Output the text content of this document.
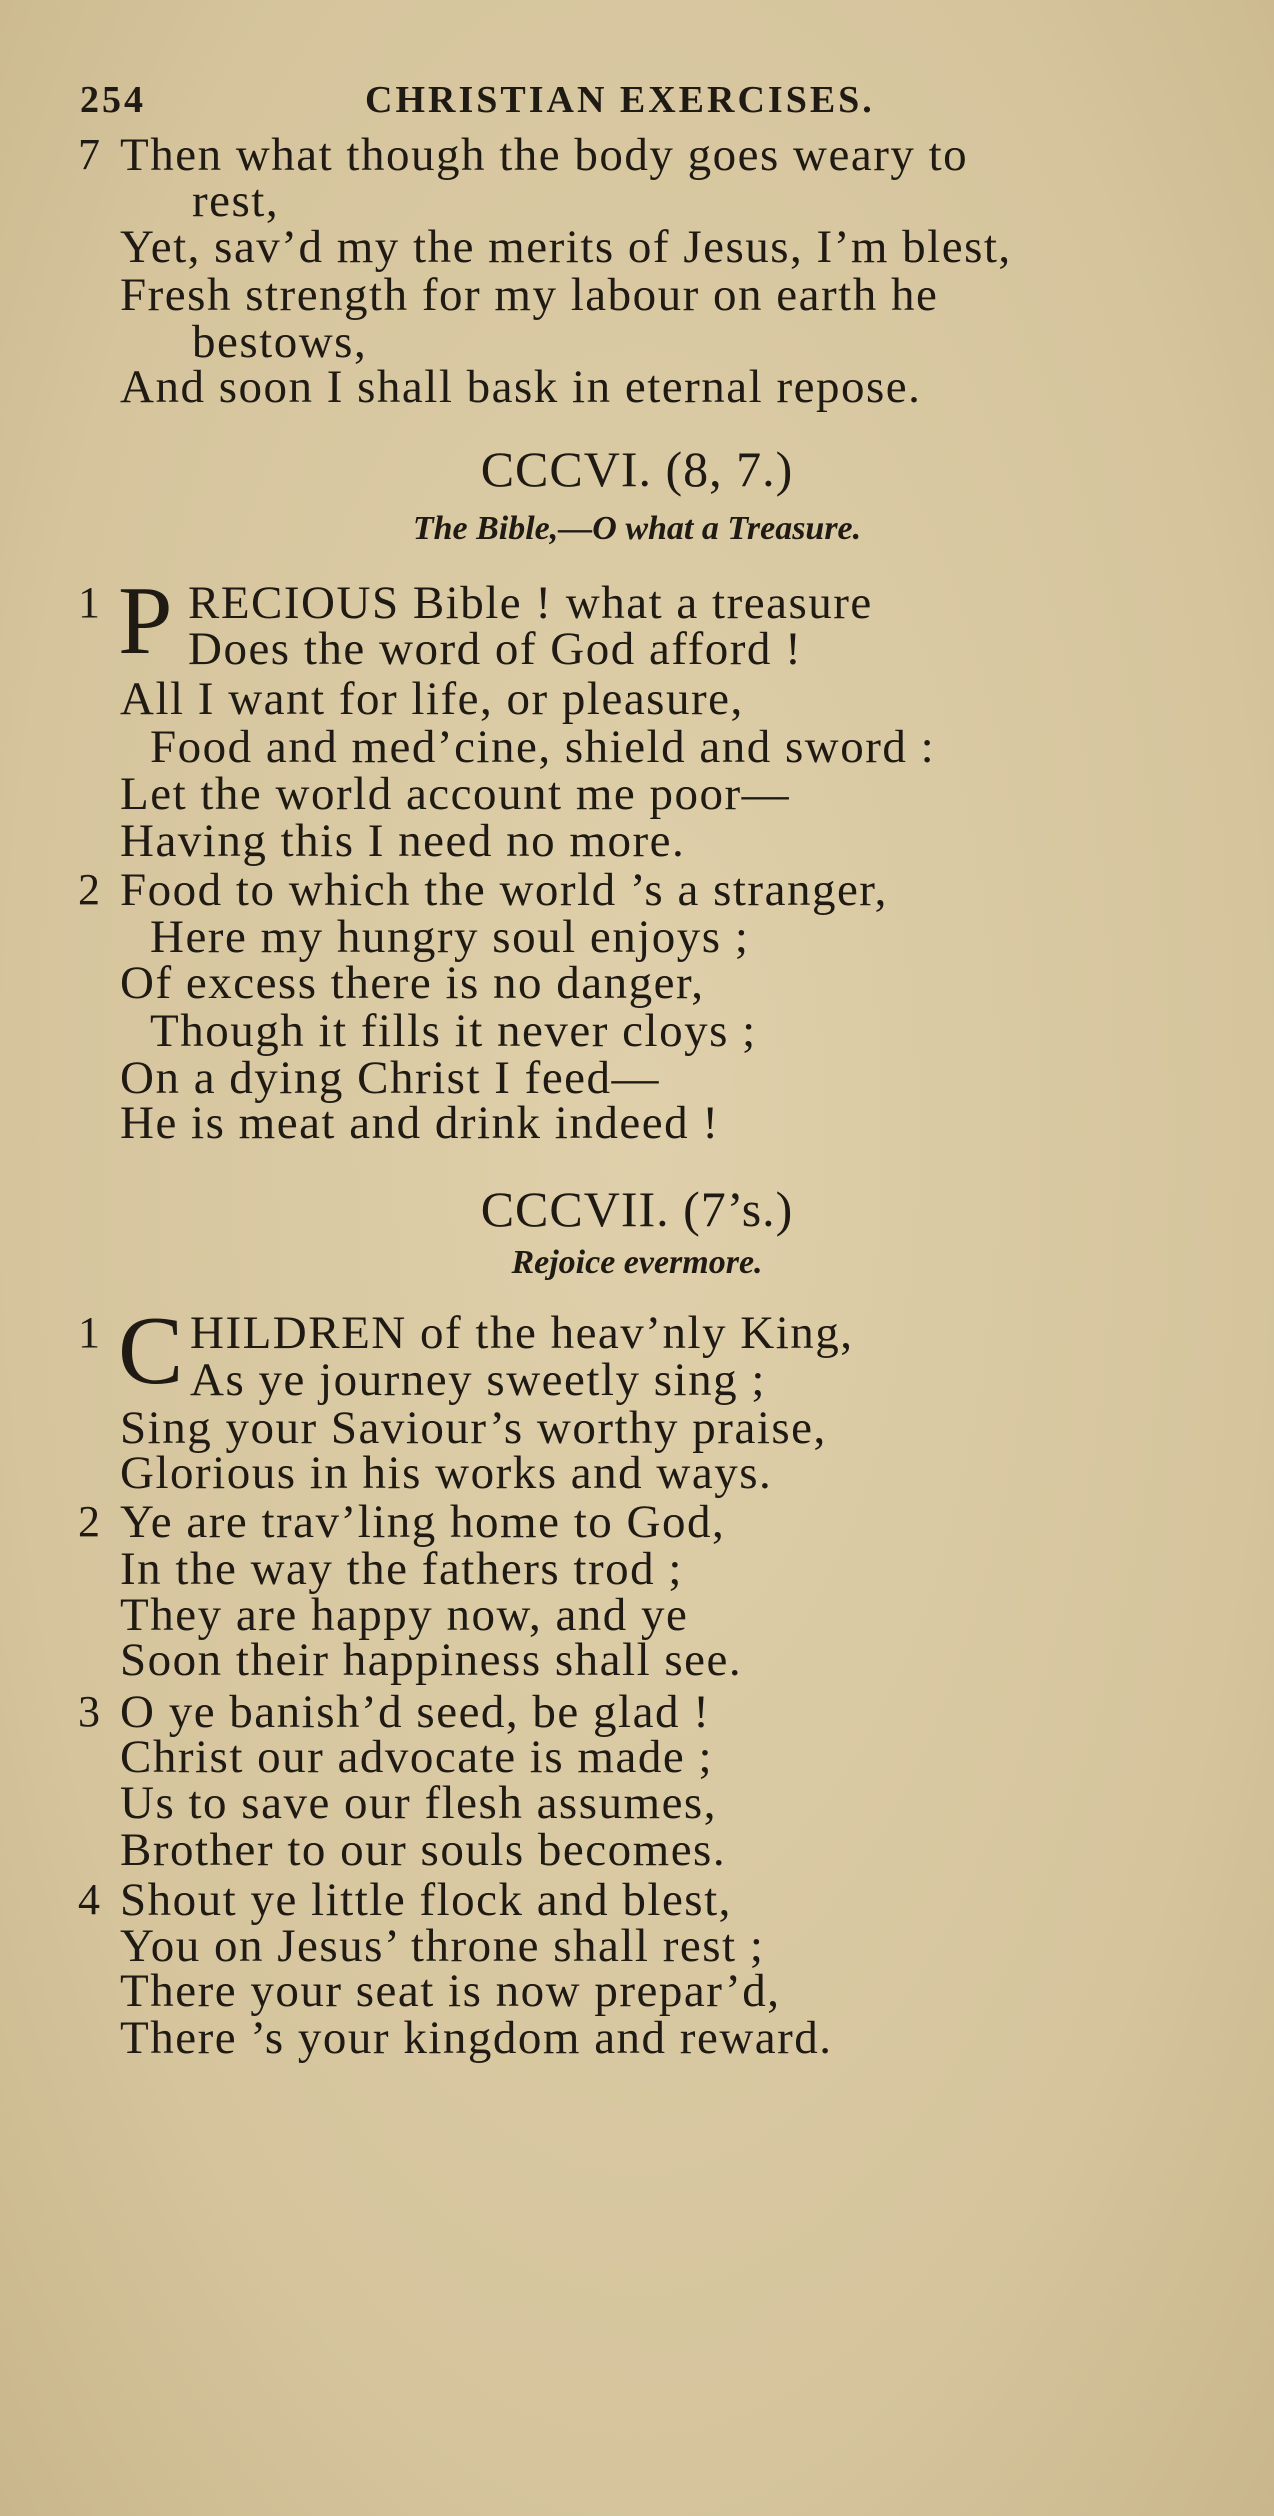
254	CHRISTIAN EXERCISES.
7 Then what though the body goes weary to
rest,
Yet, sav’d my the merits of Jesus, I’m blest,
Fresh strength for my labour on earth he
bestows,
And soon I shall bask in eternal repose.
CCCVI. (8, 7.)
The Bible,—O what a Treasure.
1 P RECIOUS Bible ! what a treasure
Does the word of God afford !
All I want for life, or pleasure,
Food and med’cine, shield and sword :
Let the world account me poor—
Having this I need no more.
2 Food to which the world ’s a stranger,
Here my hungry soul enjoys ;
Of excess there is no danger,
Though it fills it never cloys ;
On a dying Christ I feed—
He is meat and drink indeed !
CCCVII. (7’s.)
Rejoice evermore.
1 C HILDREN of the heav’nly King,
As ye journey sweetly sing ;
Sing your Saviour’s worthy praise,
Glorious in his works and ways.
2 Ye are trav’ling home to God,
In the way the fathers trod ;
They are happy now, and ye
Soon their happiness shall see.
3 O ye banish’d seed, be glad !
Christ our advocate is made ;
Us to save our flesh assumes,
Brother to our souls becomes.
4 Shout ye little flock and blest,
You on Jesus’ throne shall rest ;
There your seat is now prepar’d,
There ’s your kingdom and reward.
